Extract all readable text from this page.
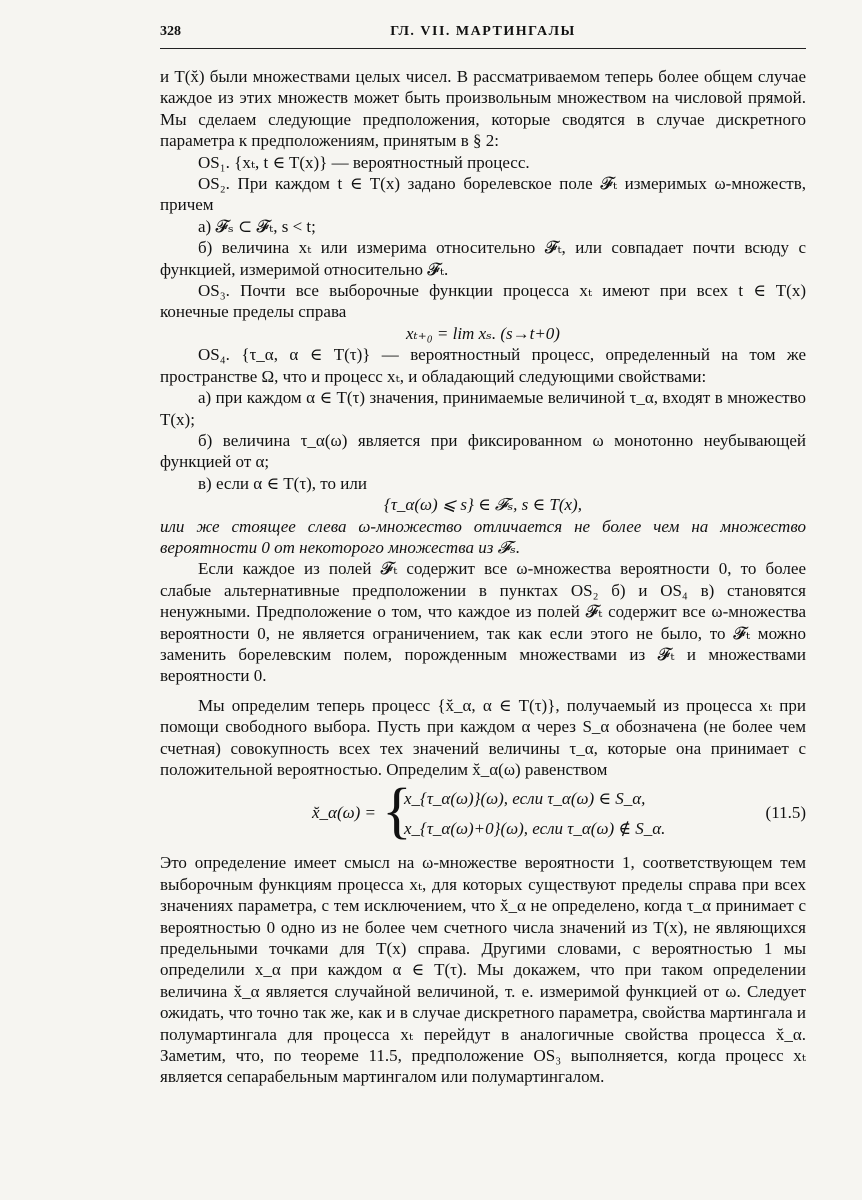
328	ГЛ. VII. МАРТИНГАЛЫ

и T(x̆) были множествами целых чисел. В рассматриваемом теперь более общем случае каждое из этих множеств может быть произвольным множеством на числовой прямой. Мы сделаем следующие предположения, которые сводятся в случае дискретного параметра к предположениям, принятым в § 2:

OS₁. {xₜ, t ∈ T(x)} — вероятностный процесс.

OS₂. При каждом t ∈ T(x) задано борелевское поле 𝓕ₜ измеримых ω-множеств, причем

а) 𝓕ₛ ⊂ 𝓕ₜ, s < t;

б) величина xₜ или измерима относительно 𝓕ₜ, или совпадает почти всюду с функцией, измеримой относительно 𝓕ₜ.

OS₃. Почти все выборочные функции процесса xₜ имеют при всех t ∈ T(x) конечные пределы справа

xₜ₊₀ = lim xₛ. (s→t+0)

OS₄. {τ_α, α ∈ T(τ)} — вероятностный процесс, определенный на том же пространстве Ω, что и процесс xₜ, и обладающий следующими свойствами:

а) при каждом α ∈ T(τ) значения, принимаемые величиной τ_α, входят в множество T(x);

б) величина τ_α(ω) является при фиксированном ω монотонно неубывающей функцией от α;

в) если α ∈ T(τ), то или

{τ_α(ω) ⩽ s} ∈ 𝓕ₛ, s ∈ T(x),

или же стоящее слева ω-множество отличается не более чем на множество вероятности 0 от некоторого множества из 𝓕ₛ.

Если каждое из полей 𝓕ₜ содержит все ω-множества вероятности 0, то более слабые альтернативные предположении в пунктах OS₂ б) и OS₄ в) становятся ненужными. Предположение о том, что каждое из полей 𝓕ₜ содержит все ω-множества вероятности 0, не является ограничением, так как если этого не было, то 𝓕ₜ можно заменить борелевским полем, порожденным множествами из 𝓕ₜ и множествами вероятности 0.

Мы определим теперь процесс {x̆_α, α ∈ T(τ)}, получаемый из процесса xₜ при помощи свободного выбора. Пусть при каждом α через S_α обозначена (не более чем счетная) совокупность всех тех значений величины τ_α, которые она принимает с положительной вероятностью. Определим x̆_α(ω) равенством

x̆_α(ω) = {
x_{τ_α(ω)}(ω), если τ_α(ω) ∈ S_α,
x_{τ_α(ω)+0}(ω), если τ_α(ω) ∉ S_α.
(11.5)

Это определение имеет смысл на ω-множестве вероятности 1, соответствующем тем выборочным функциям процесса xₜ, для которых существуют пределы справа при всех значениях параметра, с тем исключением, что x̆_α не определено, когда τ_α принимает с вероятностью 0 одно из не более чем счетного числа значений из T(x), не являющихся предельными точками для T(x) справа. Другими словами, с вероятностью 1 мы определили x_α при каждом α ∈ T(τ). Мы докажем, что при таком определении величина x̆_α является случайной величиной, т. е. измеримой функцией от ω. Следует ожидать, что точно так же, как и в случае дискретного параметра, свойства мартингала и полумартингала для процесса xₜ перейдут в аналогичные свойства процесса x̆_α. Заметим, что, по теореме 11.5, предположение OS₃ выполняется, когда процесс xₜ является сепарабельным мартингалом или полумартингалом.
